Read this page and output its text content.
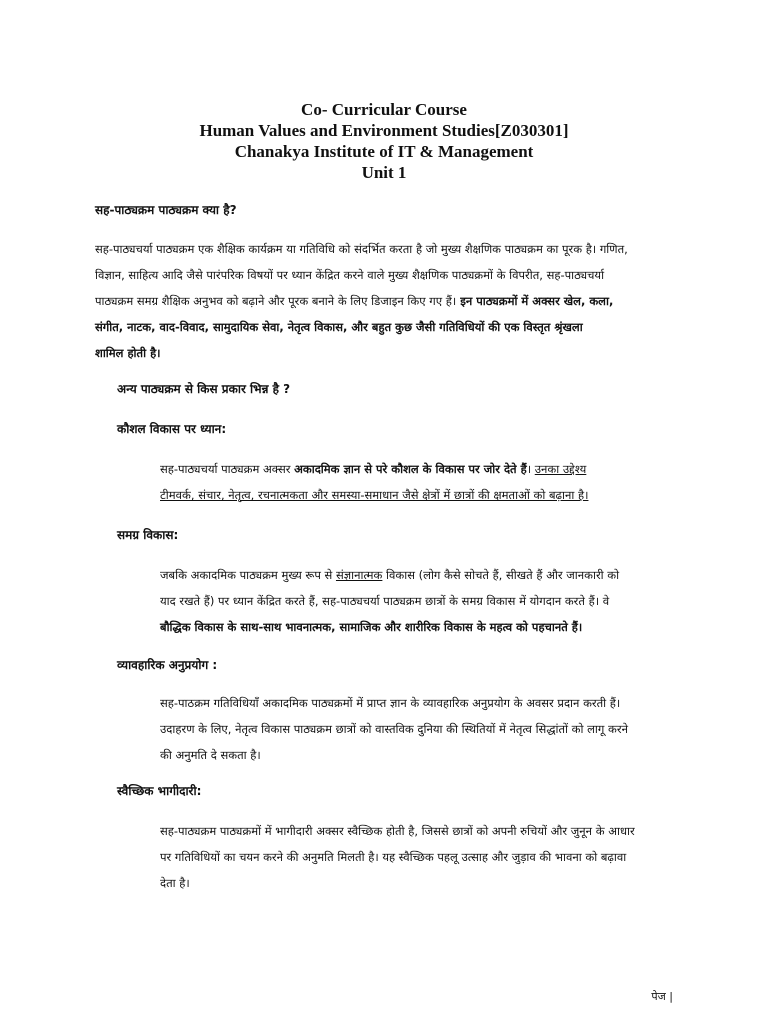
Co- Curricular Course
Human Values and Environment Studies[Z030301]
Chanakya Institute of IT & Management
Unit 1
सह-पाठ्यक्रम पाठ्यक्रम क्या है?
सह-पाठ्यचर्या पाठ्यक्रम एक शैक्षिक कार्यक्रम या गतिविधि को संदर्भित करता है जो मुख्य शैक्षणिक पाठ्यक्रम का पूरक है। गणित,
विज्ञान, साहित्य आदि जैसे पारंपरिक विषयों पर ध्यान केंद्रित करने वाले मुख्य शैक्षणिक पाठ्यक्रमों के विपरीत, सह-पाठ्यचर्या
पाठ्यक्रम समग्र शैक्षिक अनुभव को बढ़ाने और पूरक बनाने के लिए डिजाइन किए गए हैं। इन पाठ्यक्रमों में अक्सर खेल, कला,
संगीत, नाटक, वाद-विवाद, सामुदायिक सेवा, नेतृत्व विकास, और बहुत कुछ जैसी गतिविधियों की एक विस्तृत श्रृंखला
शामिल होती है।
अन्य पाठ्यक्रम से किस प्रकार भिन्न है ?
कौशल विकास पर ध्यान:
सह-पाठ्यचर्या पाठ्यक्रम अक्सर अकादमिक ज्ञान से परे कौशल के विकास पर जोर देते हैं। उनका उद्देश्य
टीमवर्क, संचार, नेतृत्व, रचनात्मकता और समस्या-समाधान जैसे क्षेत्रों में छात्रों की क्षमताओं को बढ़ाना है।
समग्र विकास:
जबकि अकादमिक पाठ्यक्रम मुख्य रूप से संज्ञानात्मक विकास (लोग कैसे सोचते हैं, सीखते हैं और जानकारी को
याद रखते हैं) पर ध्यान केंद्रित करते हैं, सह-पाठ्यचर्या पाठ्यक्रम छात्रों के समग्र विकास में योगदान करते हैं। वे
बौद्धिक विकास के साथ-साथ भावनात्मक, सामाजिक और शारीरिक विकास के महत्व को पहचानते हैं।
व्यावहारिक अनुप्रयोग :
सह-पाठक्रम गतिविधियाँ अकादमिक पाठ्यक्रमों में प्राप्त ज्ञान के व्यावहारिक अनुप्रयोग के अवसर प्रदान करती हैं।
उदाहरण के लिए, नेतृत्व विकास पाठ्यक्रम छात्रों को वास्तविक दुनिया की स्थितियों में नेतृत्व सिद्धांतों को लागू करने
की अनुमति दे सकता है।
स्वैच्छिक भागीदारी:
सह-पाठ्यक्रम पाठ्यक्रमों में भागीदारी अक्सर स्वैच्छिक होती है, जिससे छात्रों को अपनी रुचियों और जुनून के आधार
पर गतिविधियों का चयन करने की अनुमति मिलती है। यह स्वैच्छिक पहलू उत्साह और जुड़ाव की भावना को बढ़ावा
देता है।
पेज |
